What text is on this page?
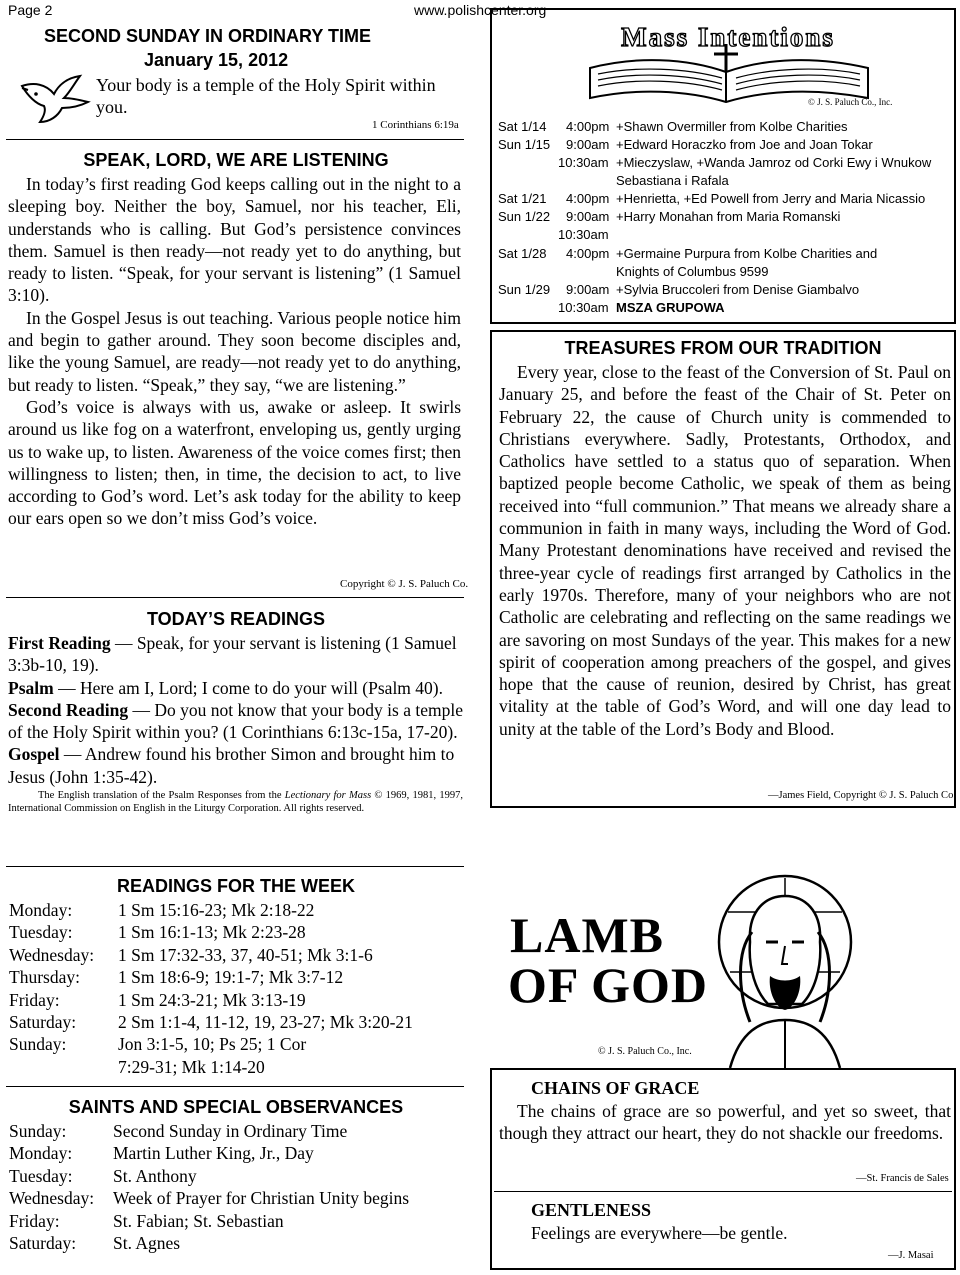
Page 2	www.polishcenter.org
SECOND SUNDAY IN ORDINARY TIME
January 15, 2012
Your body is a temple of the Holy Spirit within you.
1 Corinthians 6:19a
SPEAK, LORD, WE ARE LISTENING

In today’s first reading God keeps calling out in the night to a sleeping boy. Neither the boy, Samuel, nor his teacher, Eli, understands who is calling. But God’s persistence convinces them. Samuel is then ready—not ready yet to do anything, but ready to listen. “Speak, for your servant is listening” (1 Samuel 3:10).

In the Gospel Jesus is out teaching. Various people notice him and begin to gather around. They soon become disciples and, like the young Samuel, are ready—not ready yet to do anything, but ready to listen. “Speak,” they say, “we are listening.”

God’s voice is always with us, awake or asleep. It swirls around us like fog on a waterfront, enveloping us, gently urging us to wake up, to listen. Awareness of the voice comes first; then willingness to listen; then, in time, the decision to act, to live according to God’s word. Let’s ask today for the ability to keep our ears open so we don’t miss God’s voice.

Copyright © J. S. Paluch Co.
TODAY’S READINGS

First Reading — Speak, for your servant is listening (1 Samuel 3:3b-10, 19).

Psalm — Here am I, Lord; I come to do your will (Psalm 40).

Second Reading — Do you not know that your body is a temple of the Holy Spirit within you? (1 Corinthians 6:13c-15a, 17-20).

Gospel — Andrew found his brother Simon and brought him to Jesus (John 1:35-42).

The English translation of the Psalm Responses from the Lectionary for Mass © 1969, 1981, 1997, International Commission on English in the Liturgy Corporation. All rights reserved.

READINGS FOR THE WEEK
Monday:	1 Sm 15:16-23; Mk 2:18-22
Tuesday:	1 Sm 16:1-13; Mk 2:23-28
Wednesday:	1 Sm 17:32-33, 37, 40-51; Mk 3:1-6
Thursday:	1 Sm 18:6-9; 19:1-7; Mk 3:7-12
Friday:	1 Sm 24:3-21; Mk 3:13-19
Saturday:	2 Sm 1:1-4, 11-12, 19, 23-27; Mk 3:20-21
Sunday:	Jon 3:1-5, 10; Ps 25; 1 Cor 7:29-31; Mk 1:14-20
SAINTS AND SPECIAL OBSERVANCES
Sunday:	Second Sunday in Ordinary Time
Monday:	Martin Luther King, Jr., Day
Tuesday:	St. Anthony
Wednesday:	Week of Prayer for Christian Unity begins
Friday:	St. Fabian; St. Sebastian
Saturday:	St. Agnes
Mass Intentions
© J. S. Paluch Co., Inc.
Sat 1/14 4:00pm +Shawn Overmiller from Kolbe Charities
Sun 1/15 9:00am +Edward Horaczko from Joe and Joan Tokar
10:30am +Mieczyslaw, +Wanda Jamroz od Corki Ewy i Wnukow
Sebastiana i Rafala
Sat 1/21 4:00pm +Henrietta, +Ed Powell from Jerry and Maria Nicassio
Sun 1/22 9:00am +Harry Monahan from Maria Romanski
10:30am
Sat 1/28 4:00pm +Germaine Purpura from Kolbe Charities and
Knights of Columbus 9599
Sun 1/29 9:00am +Sylvia Bruccoleri from Denise Giambalvo
10:30am MSZA GRUPOWA
TREASURES FROM OUR TRADITION
Every year, close to the feast of the Conversion of St. Paul on January 25, and before the feast of the Chair of St. Peter on February 22, the cause of Church unity is commended to Christians everywhere. Sadly, Protestants, Orthodox, and Catholics have settled to a status quo of separation. When baptized people become Catholic, we speak of them as being received into “full communion.” That means we already share a communion in faith in many ways, including the Word of God. Many Protestant denominations have received and revised the three-year cycle of readings first arranged by Catholics in the early 1970s. Therefore, many of your neighbors who are not Catholic are celebrating and reflecting on the same readings we are savoring on most Sundays of the year. This makes for a new spirit of cooperation among preachers of the gospel, and gives hope that the cause of reunion, desired by Christ, has great vitality at the table of God’s Word, and will one day lead to unity at the table of the Lord’s Body and Blood.
—James Field, Copyright © J. S. Paluch Co.
LAMB
OF GOD
© J. S. Paluch Co., Inc.
CHAINS OF GRACE
The chains of grace are so powerful, and yet so sweet, that though they attract our heart, they do not shackle our freedoms.
—St. Francis de Sales
GENTLENESS
Feelings are everywhere—be gentle.
—J. Masai
